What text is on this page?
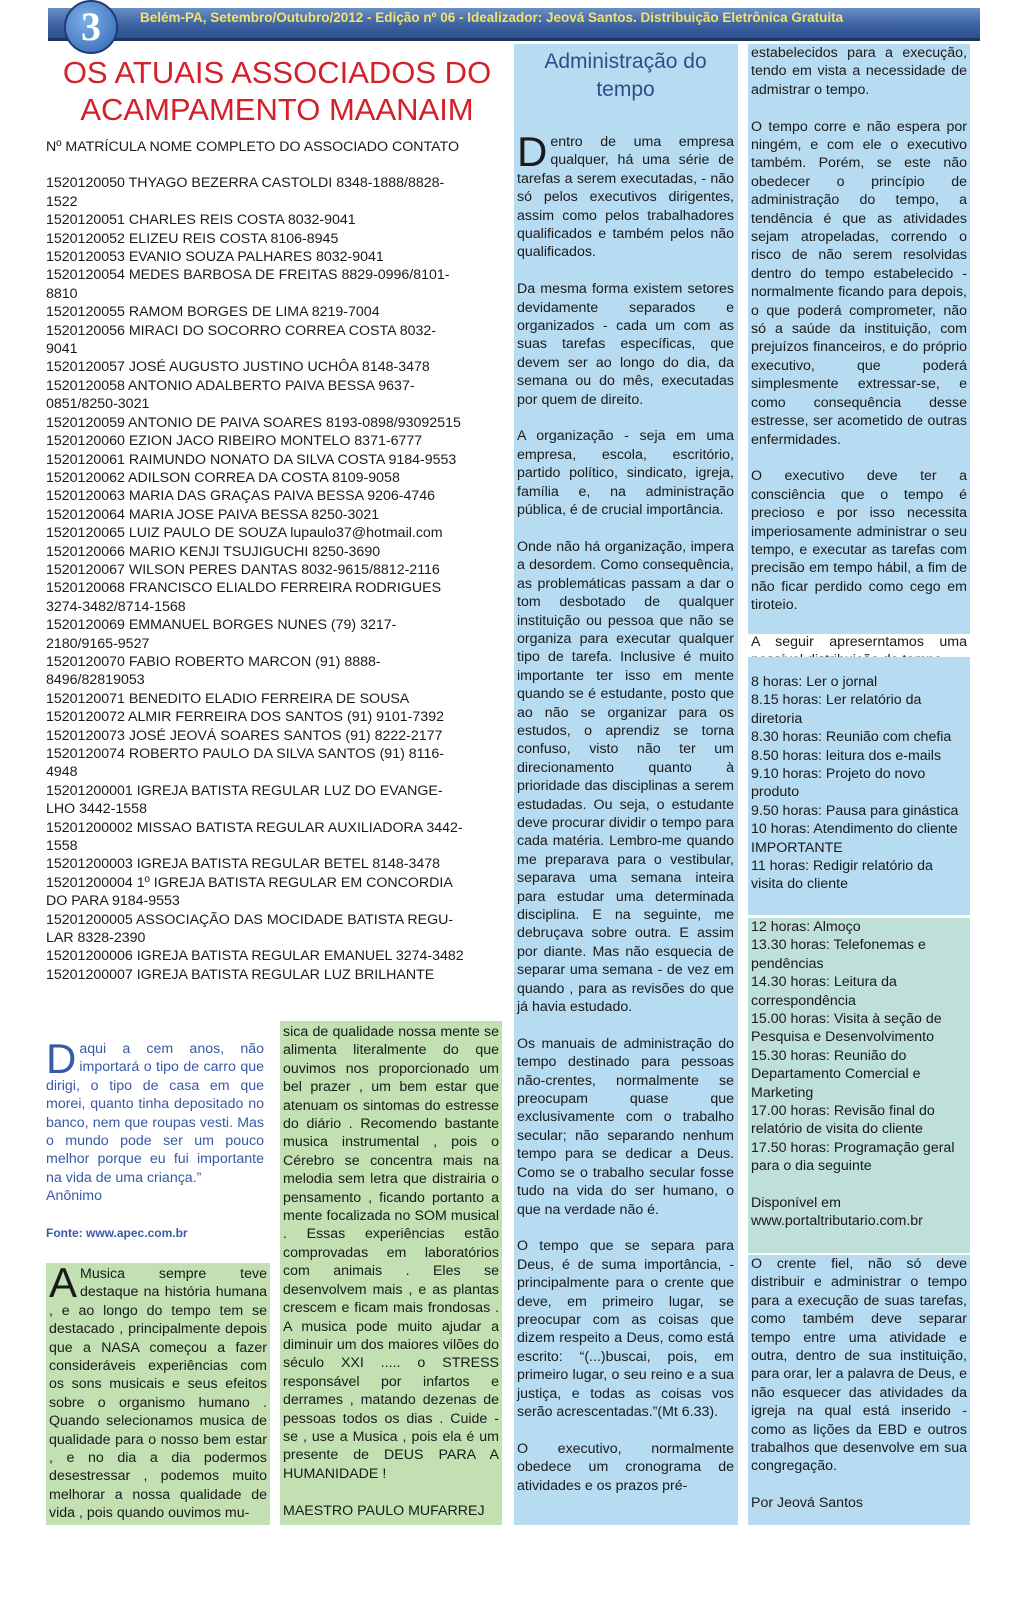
Belém-PA, Setembro/Outubro/2012 - Edição nº 06 - Idealizador: Jeová Santos. Distribuição Eletrônica Gratuita
3
OS ATUAIS ASSOCIADOS DO
ACAMPAMENTO MAANAIM
Nº MATRÍCULA NOME COMPLETO DO ASSOCIADO CONTATO
1520120050 THYAGO BEZERRA CASTOLDI 8348-1888/8828-
1522
1520120051 CHARLES REIS COSTA 8032-9041
1520120052 ELIZEU REIS COSTA 8106-8945
1520120053 EVANIO SOUZA PALHARES 8032-9041
1520120054 MEDES BARBOSA DE FREITAS 8829-0996/8101-
8810
1520120055 RAMOM BORGES DE LIMA 8219-7004
1520120056 MIRACI DO SOCORRO CORREA COSTA 8032-
9041
1520120057 JOSÉ AUGUSTO JUSTINO UCHÔA 8148-3478
1520120058 ANTONIO ADALBERTO PAIVA BESSA 9637-
0851/8250-3021
1520120059 ANTONIO DE PAIVA SOARES 8193-0898/93092515
1520120060 EZION JACO RIBEIRO MONTELO 8371-6777
1520120061 RAIMUNDO NONATO DA SILVA COSTA 9184-9553
1520120062 ADILSON CORREA DA COSTA 8109-9058
1520120063 MARIA DAS GRAÇAS PAIVA BESSA 9206-4746
1520120064 MARIA JOSE PAIVA BESSA 8250-3021
1520120065 LUIZ PAULO DE SOUZA lupaulo37@hotmail.com
1520120066 MARIO KENJI TSUJIGUCHI 8250-3690
1520120067 WILSON PERES DANTAS 8032-9615/8812-2116
1520120068 FRANCISCO ELIALDO FERREIRA RODRIGUES
3274-3482/8714-1568
1520120069 EMMANUEL BORGES NUNES (79) 3217-
2180/9165-9527
1520120070 FABIO ROBERTO MARCON (91) 8888-
8496/82819053
1520120071 BENEDITO ELADIO FERREIRA DE SOUSA
1520120072 ALMIR FERREIRA DOS SANTOS (91) 9101-7392
1520120073 JOSÉ JEOVÁ SOARES SANTOS (91) 8222-2177
1520120074 ROBERTO PAULO DA SILVA SANTOS (91) 8116-
4948
15201200001 IGREJA BATISTA REGULAR LUZ DO EVANGE-
LHO 3442-1558
15201200002 MISSAO BATISTA REGULAR AUXILIADORA 3442-
1558
15201200003 IGREJA BATISTA REGULAR BETEL 8148-3478
15201200004 1º IGREJA BATISTA REGULAR EM CONCORDIA
DO PARA 9184-9553
15201200005 ASSOCIAÇÃO DAS MOCIDADE BATISTA REGU-
LAR 8328-2390
15201200006 IGREJA BATISTA REGULAR EMANUEL 3274-3482
15201200007 IGREJA BATISTA REGULAR LUZ BRILHANTE
Daqui a cem anos, não importará o tipo de carro que dirigi, o tipo de casa em que morei, quanto tinha depositado no banco, nem que roupas vesti. Mas o mundo pode ser um pouco melhor porque eu fui importante na vida de uma criança.”
Anônimo
Fonte: www.apec.com.br
A Musica sempre teve destaque na história humana , e ao longo do tempo tem se destacado , principalmente depois que a NASA começou a fazer consideráveis experiências com os sons musicais e seus efeitos sobre o organismo humano . Quando selecionamos musica de qualidade para o nosso bem estar , e no dia a dia podermos desestressar , podemos muito melhorar a nossa qualidade de vida , pois quando ouvimos mu-

sica de qualidade nossa mente se alimenta literalmente do que ouvimos nos proporcionado um bel prazer , um bem estar que atenuam os sintomas do estresse do diário . Recomendo bastante musica instrumental , pois o Cérebro se concentra mais na melodia sem letra que distrairia o pensamento , ficando portanto a mente focalizada no SOM musical . Essas experiências estão comprovadas em laboratórios com animais . Eles se desenvolvem mais , e as plantas crescem e ficam mais frondosas . A musica pode muito ajudar a diminuir um dos maiores vilões do século XXI ..... o STRESS responsável por infartos e derrames , matando dezenas de pessoas todos os dias . Cuide - se , use a Musica , pois ela é um presente de DEUS PARA A HUMANIDADE !

MAESTRO PAULO MUFARREJ

Administração do tempo

Dentro de uma empresa qualquer, há uma série de tarefas a serem executadas, - não só pelos executivos dirigentes, assim como pelos trabalhadores qualificados e também pelos não qualificados.

Da mesma forma existem setores devidamente separados e organizados - cada um com as suas tarefas específicas, que devem ser ao longo do dia, da semana ou do mês, executadas por quem de direito.

A organização - seja em uma empresa, escola, escritório, partido político, sindicato, igreja, família e, na administração pública, é de crucial importância.

Onde não há organização, impera a desordem. Como consequência, as problemáticas passam a dar o tom desbotado de qualquer instituição ou pessoa que não se organiza para executar qualquer tipo de tarefa. Inclusive é muito importante ter isso em mente quando se é estudante, posto que ao não se organizar para os estudos, o aprendiz se torna confuso, visto não ter um direcionamento quanto à prioridade das disciplinas a serem estudadas. Ou seja, o estudante deve procurar dividir o tempo para cada matéria. Lembro-me quando me preparava para o vestibular, separava uma semana inteira para estudar uma determinada disciplina. E na seguinte, me debruçava sobre outra. E assim por diante. Mas não esquecia de separar uma semana - de vez em quando , para as revisões do que já havia estudado.

Os manuais de administração do tempo destinado para pessoas não-crentes, normalmente se preocupam quase que exclusivamente com o trabalho secular; não separando nenhum tempo para se dedicar a Deus. Como se o trabalho secular fosse tudo na vida do ser humano, o que na verdade não é.

O tempo que se separa para Deus, é de suma importância, - principalmente para o crente que deve, em primeiro lugar, se preocupar com as coisas que dizem respeito a Deus, como está escrito: “(...)buscai, pois, em primeiro lugar, o seu reino e a sua justiça, e todas as coisas vos serão acrescentadas.”(Mt 6.33).

O executivo, normalmente obedece um cronograma de atividades e os prazos pré-

estabelecidos para a execução, tendo em vista a necessidade de admistrar o tempo.

O tempo corre e não espera por ningém, e com ele o executivo também. Porém, se este não obedecer o princípio de administração do tempo, a tendência é que as atividades sejam atropeladas, correndo o risco de não serem resolvidas dentro do tempo estabelecido - normalmente ficando para depois, o que poderá comprometer, não só a saúde da instituição, com prejuízos financeiros, e do próprio executivo, que poderá simplesmente extressar-se, e como consequência desse estresse, ser acometido de outras enfermidades.

O executivo deve ter a consciência que o tempo é precioso e por isso necessita imperiosamente administrar o seu tempo, e executar as tarefas com precisão em tempo hábil, a fim de não ficar perdido como cego em tiroteio.

A seguir apreserntamos uma

8 horas: Ler o jornal

8.15 horas: Ler relatório da diretoria

8.30 horas: Reunião com chefia

8.50 horas: leitura dos e-mails

9.10 horas: Projeto do novo produto

9.50 horas: Pausa para ginástica

10 horas: Atendimento do cliente IMPORTANTE

11 horas: Redigir relatório da visita do cliente

12 horas: Almoço

13.30 horas: Telefonemas e pendências

14.30 horas: Leitura da correspondência

15.00 horas: Visita à seção de Pesquisa e Desenvolvimento

15.30 horas: Reunião do Departamento Comercial e Marketing

17.00 horas: Revisão final do relatório de visita do cliente

17.50 horas: Programação geral para o dia seguinte

Disponível em www.portaltributario.com.br

O crente fiel, não só deve distribuir e administrar o tempo para a execução de suas tarefas, como também deve separar tempo entre uma atividade e outra, dentro de sua instituição, para orar, ler a palavra de Deus, e não esquecer das atividades da igreja na qual está inserido - como as lições da EBD e outros trabalhos que desenvolve em sua congregação.

Por Jeová Santos
